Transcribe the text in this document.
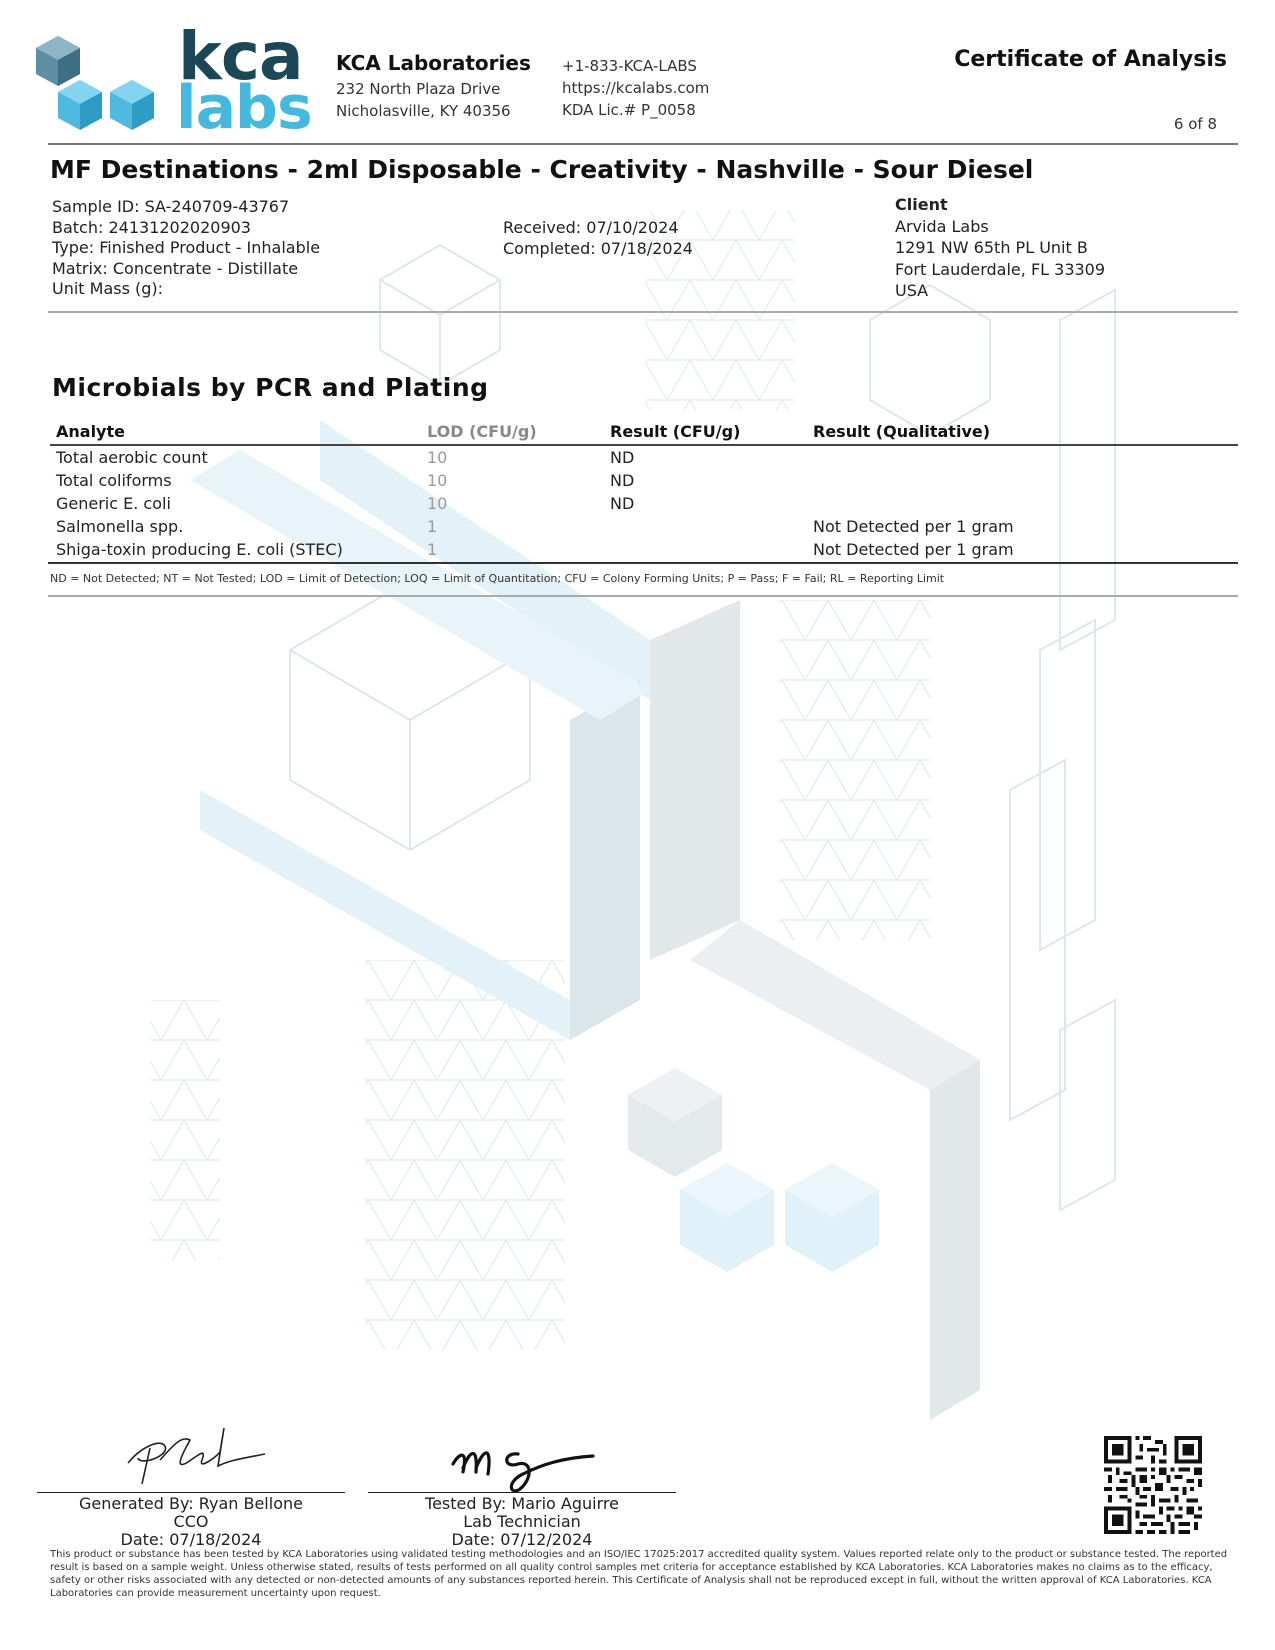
kca
labs
KCA Laboratories
232 North Plaza Drive
Nicholasville, KY 40356
+1-833-KCA-LABS
https://kcalabs.com
KDA Lic.# P_0058
Certificate of Analysis
6 of 8
MF Destinations - 2ml Disposable - Creativity - Nashville - Sour Diesel
Sample ID: SA-240709-43767
Batch: 24131202020903
Type: Finished Product - Inhalable
Matrix: Concentrate - Distillate
Unit Mass (g):
Received: 07/10/2024
Completed: 07/18/2024
Client
Arvida Labs
1291 NW 65th PL Unit B
Fort Lauderdale, FL 33309
USA
Microbials by PCR and Plating
Analyte	LOD (CFU/g)	Result (CFU/g)	Result (Qualitative)
Total aerobic count	10	ND	
Total coliforms	10	ND	
Generic E. coli	10	ND	
Salmonella spp.	1		Not Detected per 1 gram
Shiga-toxin producing E. coli (STEC)	1		Not Detected per 1 gram
ND = Not Detected; NT = Not Tested; LOD = Limit of Detection; LOQ = Limit of Quantitation; CFU = Colony Forming Units; P = Pass; F = Fail; RL = Reporting Limit
Generated By: Ryan Bellone
CCO
Date: 07/18/2024
Tested By: Mario Aguirre
Lab Technician
Date: 07/12/2024
This product or substance has been tested by KCA Laboratories using validated testing methodologies and an ISO/IEC 17025:2017 accredited quality system. Values reported relate only to the product or substance tested. The reported result is based on a sample weight. Unless otherwise stated, results of tests performed on all quality control samples met criteria for acceptance established by KCA Laboratories. KCA Laboratories makes no claims as to the efficacy, safety or other risks associated with any detected or non-detected amounts of any substances reported herein. This Certificate of Analysis shall not be reproduced except in full, without the written approval of KCA Laboratories. KCA Laboratories can provide measurement uncertainty upon request.
